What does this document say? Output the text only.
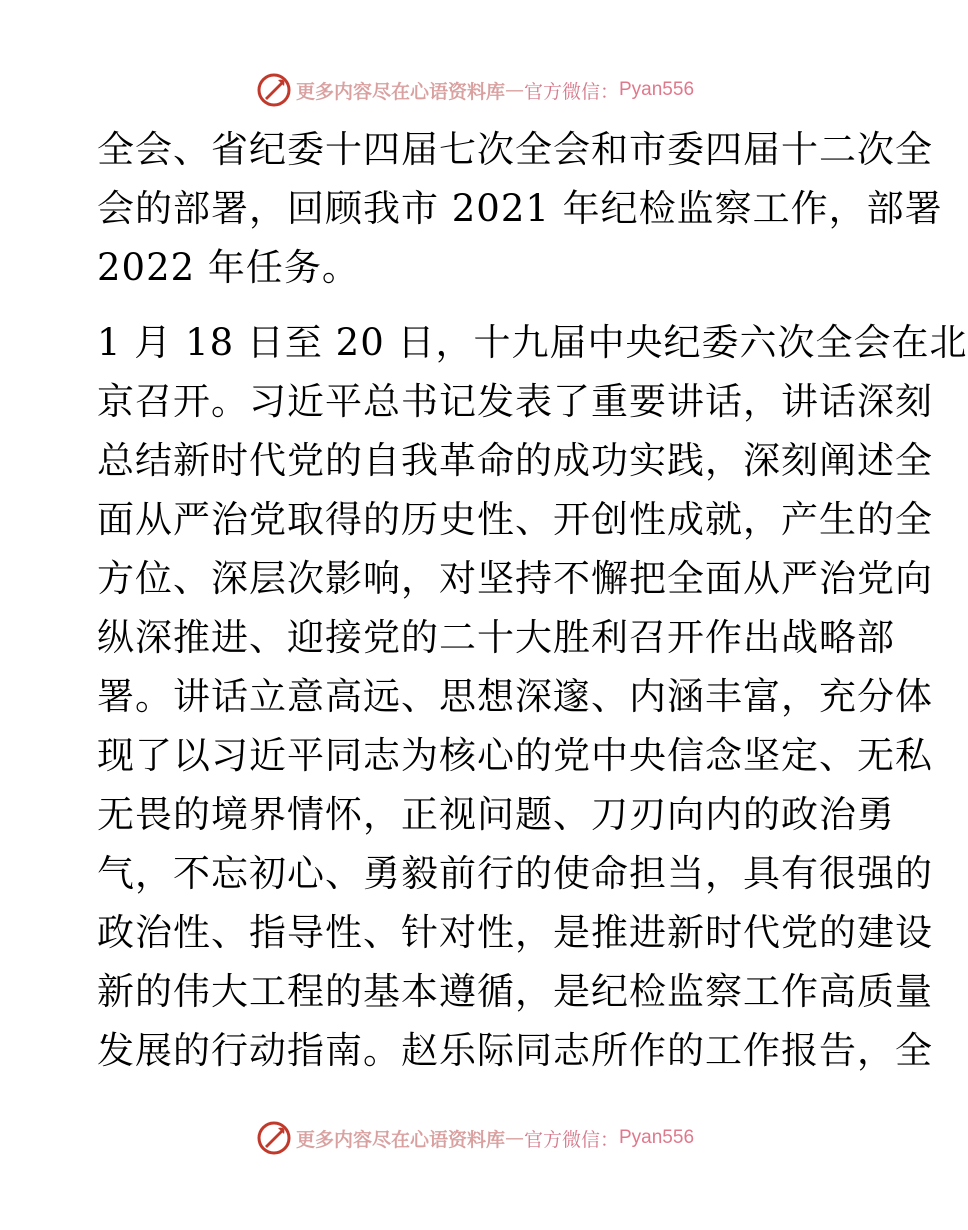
更多内容尽在心语资料库 — 官方微信： Pyan556
全会、省纪委十四届七次全会和市委四届十二次全
会的部署，回顾我市 2021 年纪检监察工作，部署
2022 年任务。
1 月 18 日至 20 日，十九届中央纪委六次全会在北
京召开。习近平总书记发表了重要讲话，讲话深刻
总结新时代党的自我革命的成功实践，深刻阐述全
面从严治党取得的历史性、开创性成就，产生的全
方位、深层次影响，对坚持不懈把全面从严治党向
纵深推进、迎接党的二十大胜利召开作出战略部
署。讲话立意高远、思想深邃、内涵丰富，充分体
现了以习近平同志为核心的党中央信念坚定、无私
无畏的境界情怀，正视问题、刀刃向内的政治勇
气，不忘初心、勇毅前行的使命担当，具有很强的
政治性、指导性、针对性，是推进新时代党的建设
新的伟大工程的基本遵循，是纪检监察工作高质量
发展的行动指南。赵乐际同志所作的工作报告，全
更多内容尽在心语资料库 — 官方微信： Pyan556
